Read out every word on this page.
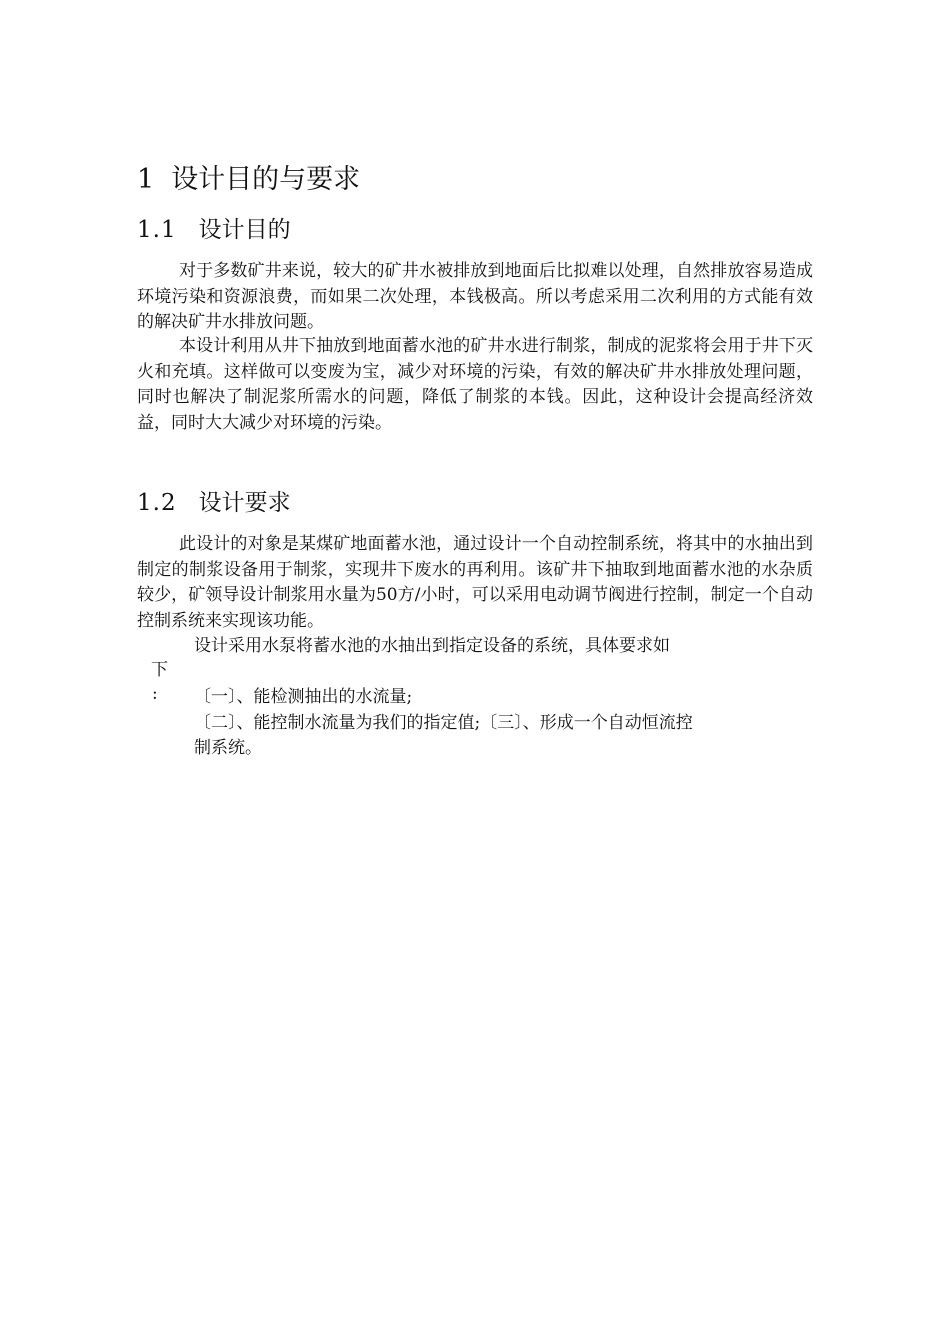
1 设计目的与要求
1.1 设计目的

对于多数矿井来说，较大的矿井水被排放到地面后比拟难以处理，自然排放容易造成环境污染和资源浪费，而如果二次处理，本钱极高。所以考虑采用二次利用的方式能有效的解决矿井水排放问题。

本设计利用从井下抽放到地面蓄水池的矿井水进行制浆，制成的泥浆将会用于井下灭火和充填。这样做可以变废为宝，减少对环境的污染，有效的解决矿井水排放处理问题，同时也解决了制泥浆所需水的问题，降低了制浆的本钱。因此，这种设计会提高经济效益，同时大大减少对环境的污染。

1.2 设计要求

此设计的对象是某煤矿地面蓄水池，通过设计一个自动控制系统，将其中的水抽出到制定的制浆设备用于制浆，实现井下废水的再利用。该矿井下抽取到地面蓄水池的水杂质较少，矿领导设计制浆用水量为50方/小时，可以采用电动调节阀进行控制，制定一个自动控制系统来实现该功能。

设计采用水泵将蓄水池的水抽出到指定设备的系统，具体要求如
下
: 〔一〕、能检测抽出的水流量;
〔二〕、能控制水流量为我们的指定值;〔三〕、形成一个自动恒流控
制系统。
